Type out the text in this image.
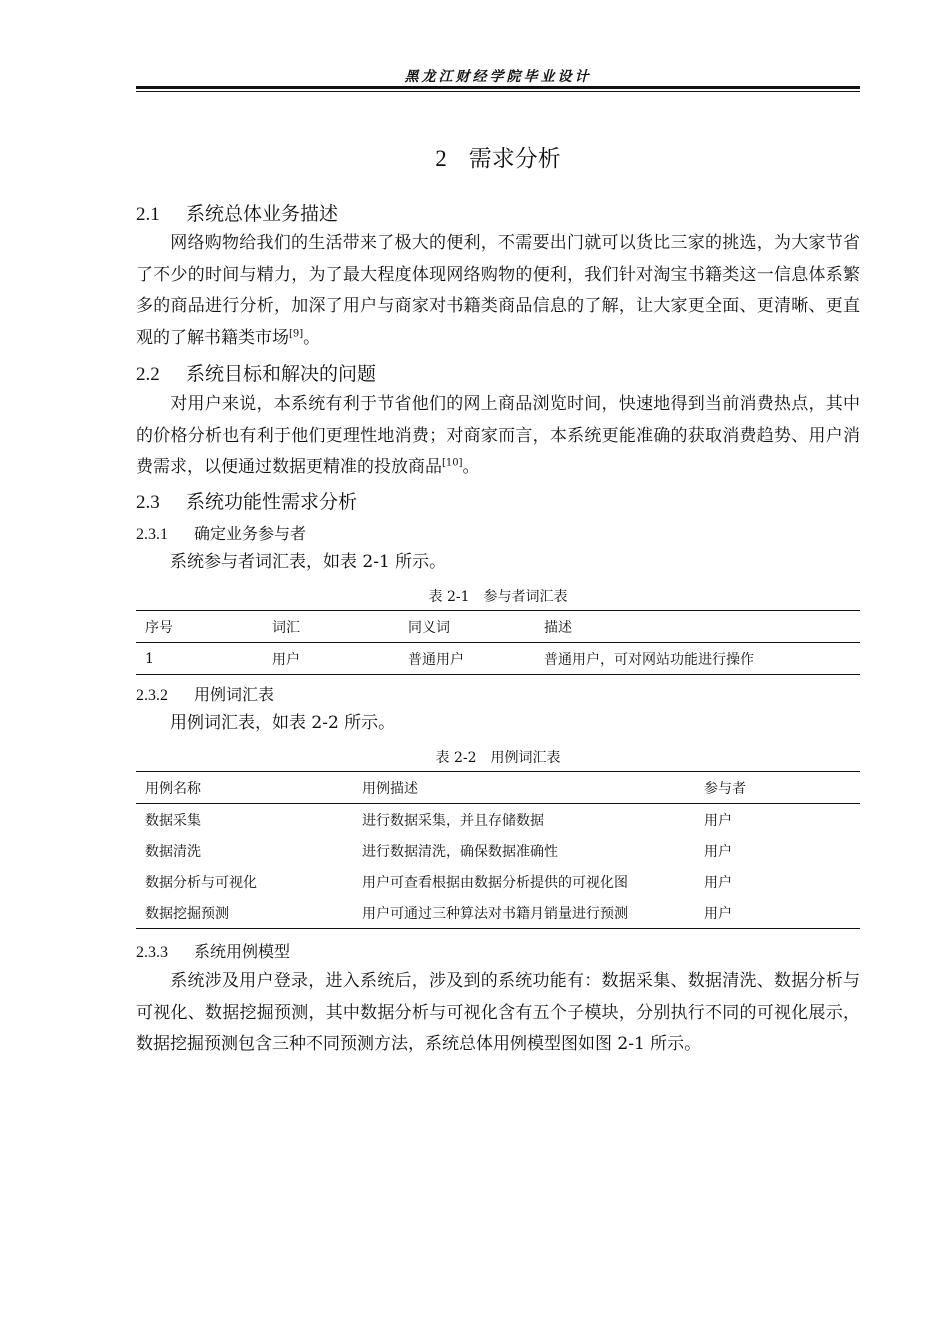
黑龙江财经学院毕业设计
2 需求分析
2.1 系统总体业务描述
网络购物给我们的生活带来了极大的便利，不需要出门就可以货比三家的挑选，为大家节省了不少的时间与精力，为了最大程度体现网络购物的便利，我们针对淘宝书籍类这一信息体系繁多的商品进行分析，加深了用户与商家对书籍类商品信息的了解，让大家更全面、更清晰、更直观的了解书籍类市场[9]。
2.2 系统目标和解决的问题
对用户来说，本系统有利于节省他们的网上商品浏览时间，快速地得到当前消费热点，其中的价格分析也有利于他们更理性地消费；对商家而言，本系统更能准确的获取消费趋势、用户消费需求，以便通过数据更精准的投放商品[10]。
2.3 系统功能性需求分析
2.3.1 确定业务参与者
系统参与者词汇表，如表 2-1 所示。
表 2-1　参与者词汇表
序号	词汇	同义词	描述
1	用户	普通用户	普通用户，可对网站功能进行操作
2.3.2 用例词汇表
用例词汇表，如表 2-2 所示。
表 2-2　用例词汇表
用例名称	用例描述	参与者
数据采集	进行数据采集，并且存储数据	用户
数据清洗	进行数据清洗，确保数据准确性	用户
数据分析与可视化	用户可查看根据由数据分析提供的可视化图	用户
数据挖掘预测	用户可通过三种算法对书籍月销量进行预测	用户
2.3.3 系统用例模型
系统涉及用户登录，进入系统后，涉及到的系统功能有：数据采集、数据清洗、数据分析与可视化、数据挖掘预测，其中数据分析与可视化含有五个子模块，分别执行不同的可视化展示，数据挖掘预测包含三种不同预测方法，系统总体用例模型图如图 2-1 所示。
